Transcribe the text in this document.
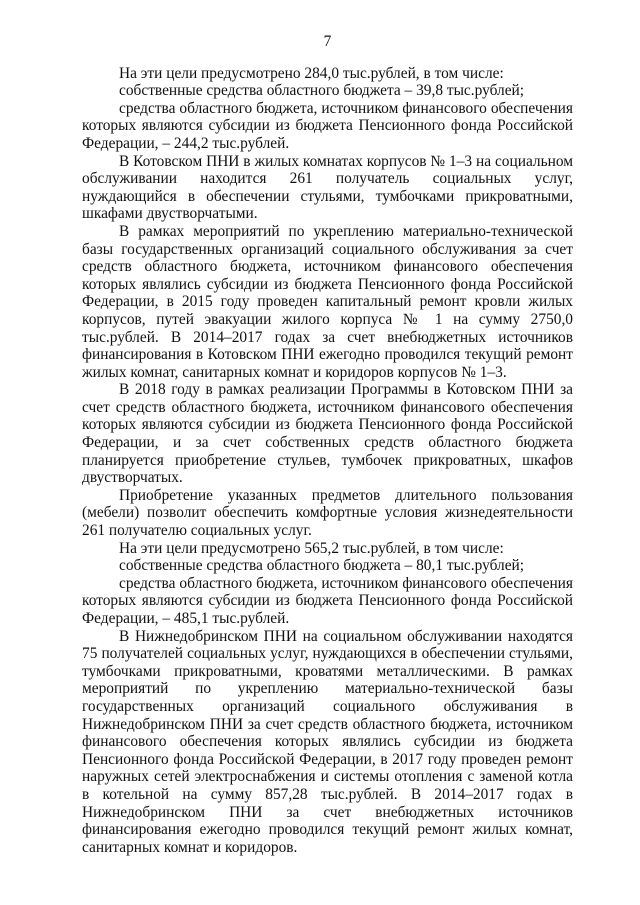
7

На эти цели предусмотрено 284,0 тыс.рублей, в том числе:

собственные средства областного бюджета – 39,8 тыс.рублей;

средства областного бюджета, источником финансового обеспечения которых являются субсидии из бюджета Пенсионного фонда Российской Федерации, – 244,2 тыс.рублей.

В Котовском ПНИ в жилых комнатах корпусов № 1–3 на социальном обслуживании находится 261 получатель социальных услуг, нуждающийся в обеспечении стульями, тумбочками прикроватными, шкафами двустворчатыми.

В рамках мероприятий по укреплению материально-технической базы государственных организаций социального обслуживания за счет средств областного бюджета, источником финансового обеспечения которых являлись субсидии из бюджета Пенсионного фонда Российской Федерации, в 2015 году проведен капитальный ремонт кровли жилых корпусов, путей эвакуации жилого корпуса № 1 на сумму 2750,0 тыс.рублей. В 2014–2017 годах за счет внебюджетных источников финансирования в Котовском ПНИ ежегодно проводился текущий ремонт жилых комнат, санитарных комнат и коридоров корпусов № 1–3.

В 2018 году в рамках реализации Программы в Котовском ПНИ за счет средств областного бюджета, источником финансового обеспечения которых являются субсидии из бюджета Пенсионного фонда Российской Федерации, и за счет собственных средств областного бюджета планируется приобретение стульев, тумбочек прикроватных, шкафов двустворчатых.

Приобретение указанных предметов длительного пользования (мебели) позволит обеспечить комфортные условия жизнедеятельности 261 получателю социальных услуг.

На эти цели предусмотрено 565,2 тыс.рублей, в том числе:

собственные средства областного бюджета – 80,1 тыс.рублей;

средства областного бюджета, источником финансового обеспечения которых являются субсидии из бюджета Пенсионного фонда Российской Федерации, – 485,1 тыс.рублей.

В Нижнедобринском ПНИ на социальном обслуживании находятся 75 получателей социальных услуг, нуждающихся в обеспечении стульями, тумбочками прикроватными, кроватями металлическими. В рамках мероприятий по укреплению материально-технической базы государственных организаций социального обслуживания в Нижнедобринском ПНИ за счет средств областного бюджета, источником финансового обеспечения которых являлись субсидии из бюджета Пенсионного фонда Российской Федерации, в 2017 году проведен ремонт наружных сетей электроснабжения и системы отопления с заменой котла в котельной на сумму 857,28 тыс.рублей. В 2014–2017 годах в Нижнедобринском ПНИ за счет внебюджетных источников финансирования ежегодно проводился текущий ремонт жилых комнат, санитарных комнат и коридоров.
